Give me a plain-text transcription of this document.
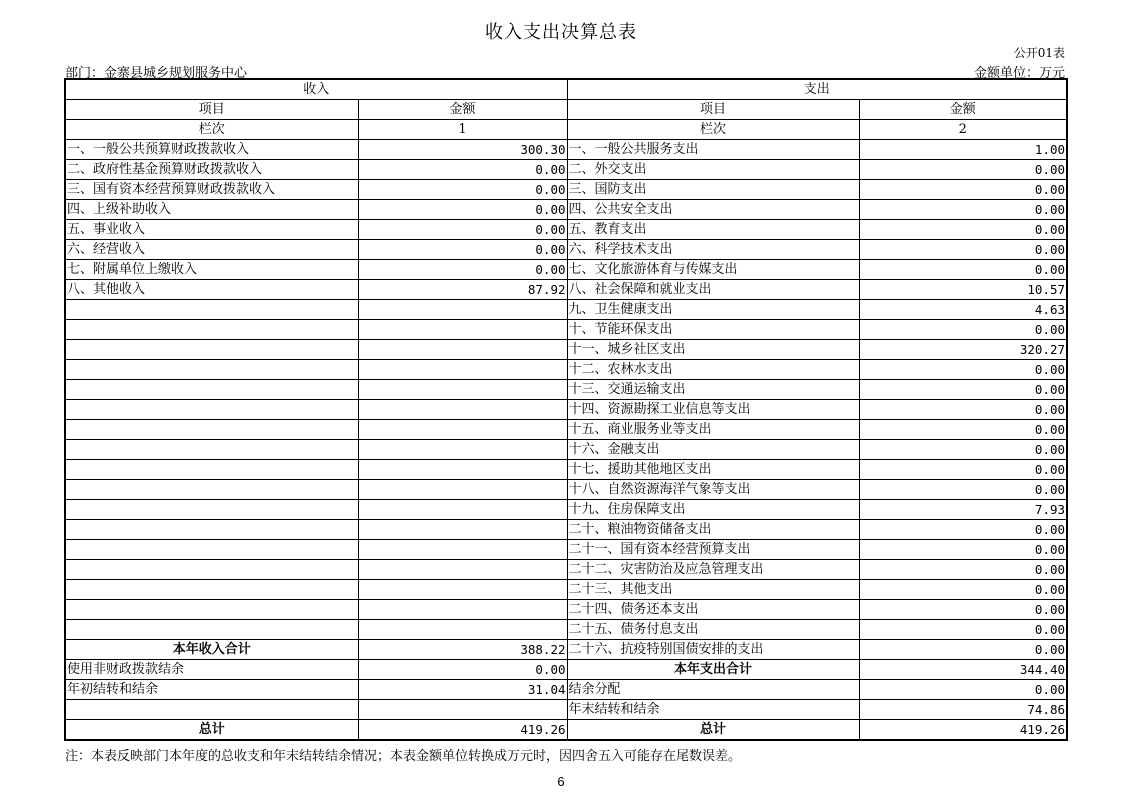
收入支出决算总表
公开01表
部门：金寨县城乡规划服务中心	金额单位：万元
收入		支出	
项目	金额	项目	金额
栏次	1	栏次	2
一、一般公共预算财政拨款收入	300.30	一、一般公共服务支出	1.00
二、政府性基金预算财政拨款收入	0.00	二、外交支出	0.00
三、国有资本经营预算财政拨款收入	0.00	三、国防支出	0.00
四、上级补助收入	0.00	四、公共安全支出	0.00
五、事业收入	0.00	五、教育支出	0.00
六、经营收入	0.00	六、科学技术支出	0.00
七、附属单位上缴收入	0.00	七、文化旅游体育与传媒支出	0.00
八、其他收入	87.92	八、社会保障和就业支出	10.57
		九、卫生健康支出	4.63
		十、节能环保支出	0.00
		十一、城乡社区支出	320.27
		十二、农林水支出	0.00
		十三、交通运输支出	0.00
		十四、资源勘探工业信息等支出	0.00
		十五、商业服务业等支出	0.00
		十六、金融支出	0.00
		十七、援助其他地区支出	0.00
		十八、自然资源海洋气象等支出	0.00
		十九、住房保障支出	7.93
		二十、粮油物资储备支出	0.00
		二十一、国有资本经营预算支出	0.00
		二十二、灾害防治及应急管理支出	0.00
		二十三、其他支出	0.00
		二十四、债务还本支出	0.00
		二十五、债务付息支出	0.00
本年收入合计	388.22	二十六、抗疫特别国债安排的支出	0.00
使用非财政拨款结余	0.00	本年支出合计	344.40
年初结转和结余	31.04	结余分配	0.00
		年末结转和结余	74.86
总计	419.26	总计	419.26
注：本表反映部门本年度的总收支和年末结转结余情况；本表金额单位转换成万元时，因四舍五入可能存在尾数误差。
6
